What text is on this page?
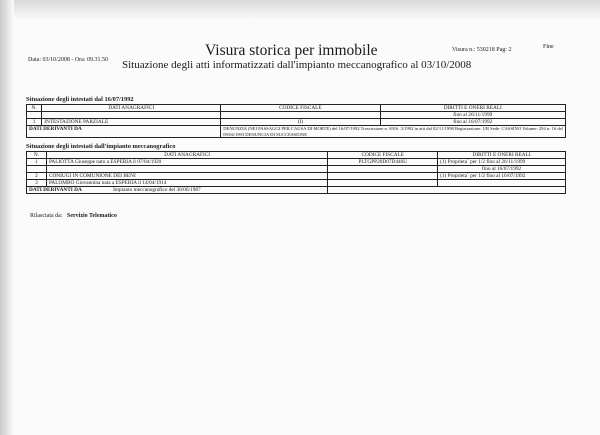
Data: 03/10/2008 - Ora: 09.31.50
Visura storica per immobile
Situazione degli atti informatizzati dall'impianto meccanografico al 03/10/2008
Visura n.: 530218 Pag: 2	Fine
Situazione degli intestati dal 16/07/1992
N.	DATI ANAGRAFICI	CODICE FISCALE	DIRITTI E ONERI REALI
			fino al 26/11/1999
1	INTESTAZIONE PARZIALE	(I)	fino al 16/07/1992
DATI DERIVANTI DA		DENUNZIA (NEI PASSAGGI PER CAUSA DI MORTE) del 16/07/1992 Trascrizione n. 6916 .3/1992 in atti dal 02/11/1998 Registrazione: UR Sede: CASSINO Volume: 294 n: 16 del
09/04/1993 DENUNCIA DI SUCCESSIONE	
Situazione degli intestati dall'impianto meccanografico
N.	DATI ANAGRAFICI	CODICE FISCALE	DIRITTI E ONERI REALI
1	PALIOTTA Giuseppe nato a ESPERIA il 07/04/1920	PLTGPP20D07D440U	(1) Proprieta` per 1/2 fino al 26/11/1999
			fino al 16/07/1992
2	CONIUGI IN COMUNIONE DEI BENI		(1) Proprieta` per 1/2 fino al 16/07/1992
3	PALOMBO Giovannina nata a ESPERIA il 14/04/1914		
DATI DERIVANTI DA Impianto meccanografico del 30/06/1987			
Rilasciata da: Servizio Telematico
